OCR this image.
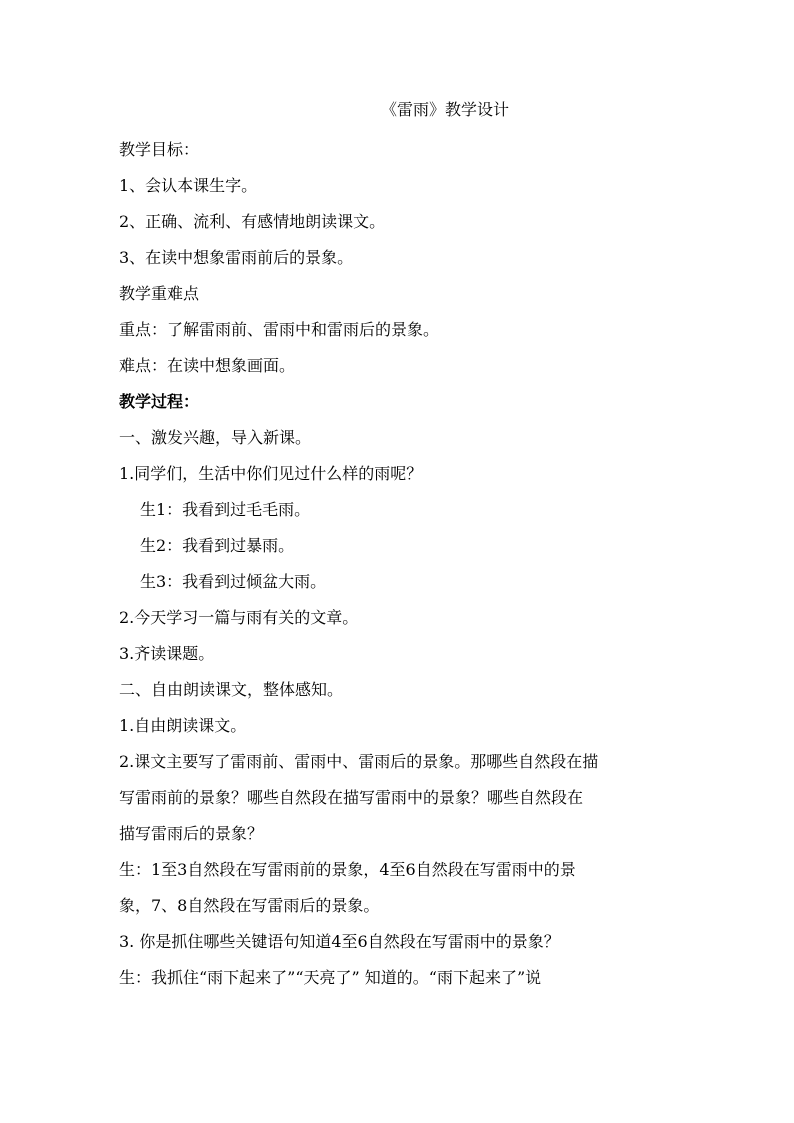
《雷雨》教学设计
教学目标：
1、会认本课生字。
2、正确、流利、有感情地朗读课文。
3、在读中想象雷雨前后的景象。
教学重难点
重点：了解雷雨前、雷雨中和雷雨后的景象。
难点：在读中想象画面。
教学过程：
一、激发兴趣，导入新课。
1.同学们，生活中你们见过什么样的雨呢？
生1：我看到过毛毛雨。
生2：我看到过暴雨。
生3：我看到过倾盆大雨。
2.今天学习一篇与雨有关的文章。
3.齐读课题。
二、自由朗读课文，整体感知。
1.自由朗读课文。
2.课文主要写了雷雨前、雷雨中、雷雨后的景象。那哪些自然段在描
写雷雨前的景象？哪些自然段在描写雷雨中的景象？哪些自然段在
描写雷雨后的景象？
生：1至3自然段在写雷雨前的景象，4至6自然段在写雷雨中的景
象，7、8自然段在写雷雨后的景象。
3. 你是抓住哪些关键语句知道4至6自然段在写雷雨中的景象？
生：我抓住“雨下起来了”“天亮了” 知道的。“雨下起来了”说
